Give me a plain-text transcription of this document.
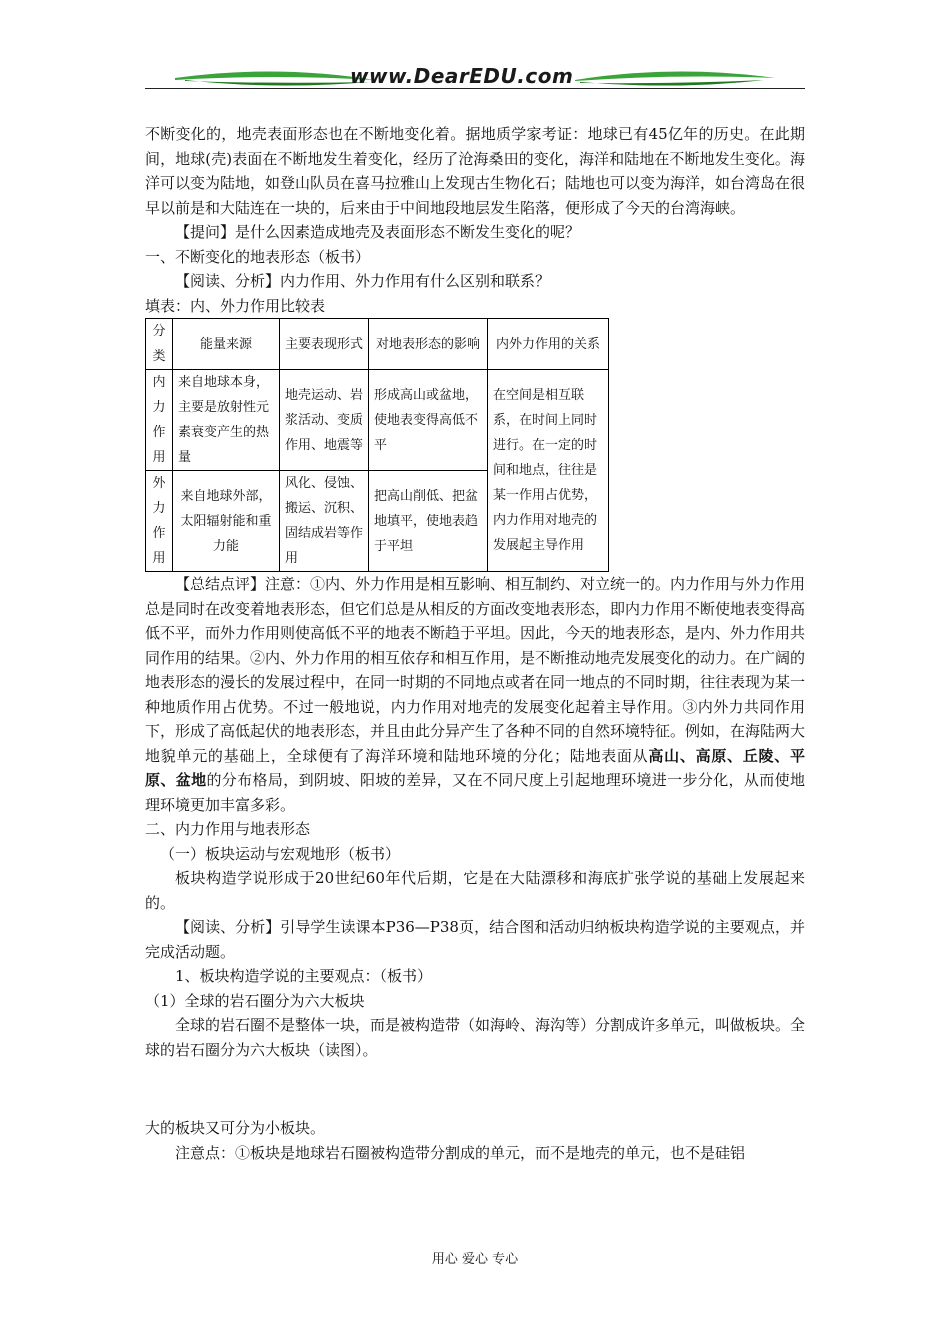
www.DearEDU.com

不断变化的，地壳表面形态也在不断地变化着。据地质学家考证：地球已有45亿年的历史。在此期间，地球(壳)表面在不断地发生着变化，经历了沧海桑田的变化，海洋和陆地在不断地发生变化。海洋可以变为陆地，如登山队员在喜马拉雅山上发现古生物化石；陆地也可以变为海洋，如台湾岛在很早以前是和大陆连在一块的，后来由于中间地段地层发生陷落，便形成了今天的台湾海峡。

【提问】是什么因素造成地壳及表面形态不断发生变化的呢？

一、不断变化的地表形态（板书）

【阅读、分析】内力作用、外力作用有什么区别和联系？

填表：内、外力作用比较表

分类	能量来源	主要表现形式	对地表形态的影响	内外力作用的关系
内力作用	来自地球本身，主要是放射性元素衰变产生的热量	地壳运动、岩浆活动、变质作用、地震等	形成高山或盆地，使地表变得高低不平	在空间是相互联系，在时间上同时进行。在一定的时间和地点，往往是某一作用占优势，内力作用对地壳的发展起主导作用
外力作用	来自地球外部，太阳辐射能和重力能	风化、侵蚀、搬运、沉积、固结成岩等作用	把高山削低、把盆地填平，使地表趋于平坦	

【总结点评】注意：①内、外力作用是相互影响、相互制约、对立统一的。内力作用与外力作用总是同时在改变着地表形态，但它们总是从相反的方面改变地表形态，即内力作用不断使地表变得高低不平，而外力作用则使高低不平的地表不断趋于平坦。因此，今天的地表形态，是内、外力作用共同作用的结果。②内、外力作用的相互依存和相互作用，是不断推动地壳发展变化的动力。在广阔的地表形态的漫长的发展过程中，在同一时期的不同地点或者在同一地点的不同时期，往往表现为某一种地质作用占优势。不过一般地说，内力作用对地壳的发展变化起着主导作用。③内外力共同作用下，形成了高低起伏的地表形态，并且由此分异产生了各种不同的自然环境特征。例如，在海陆两大地貌单元的基础上，全球便有了海洋环境和陆地环境的分化；陆地表面从高山、高原、丘陵、平原、盆地的分布格局，到阴坡、阳坡的差异，又在不同尺度上引起地理环境进一步分化，从而使地理环境更加丰富多彩。

二、内力作用与地表形态

（一）板块运动与宏观地形（板书）

板块构造学说形成于20世纪60年代后期，它是在大陆漂移和海底扩张学说的基础上发展起来的。

【阅读、分析】引导学生读课本P36—P38页，结合图和活动归纳板块构造学说的主要观点，并完成活动题。

1、板块构造学说的主要观点：（板书）

（1）全球的岩石圈分为六大板块

全球的岩石圈不是整体一块，而是被构造带（如海岭、海沟等）分割成许多单元，叫做板块。全球的岩石圈分为六大板块（读图）。

大的板块又可分为小板块。

注意点：①板块是地球岩石圈被构造带分割成的单元，而不是地壳的单元，也不是硅铝

用心 爱心 专心
